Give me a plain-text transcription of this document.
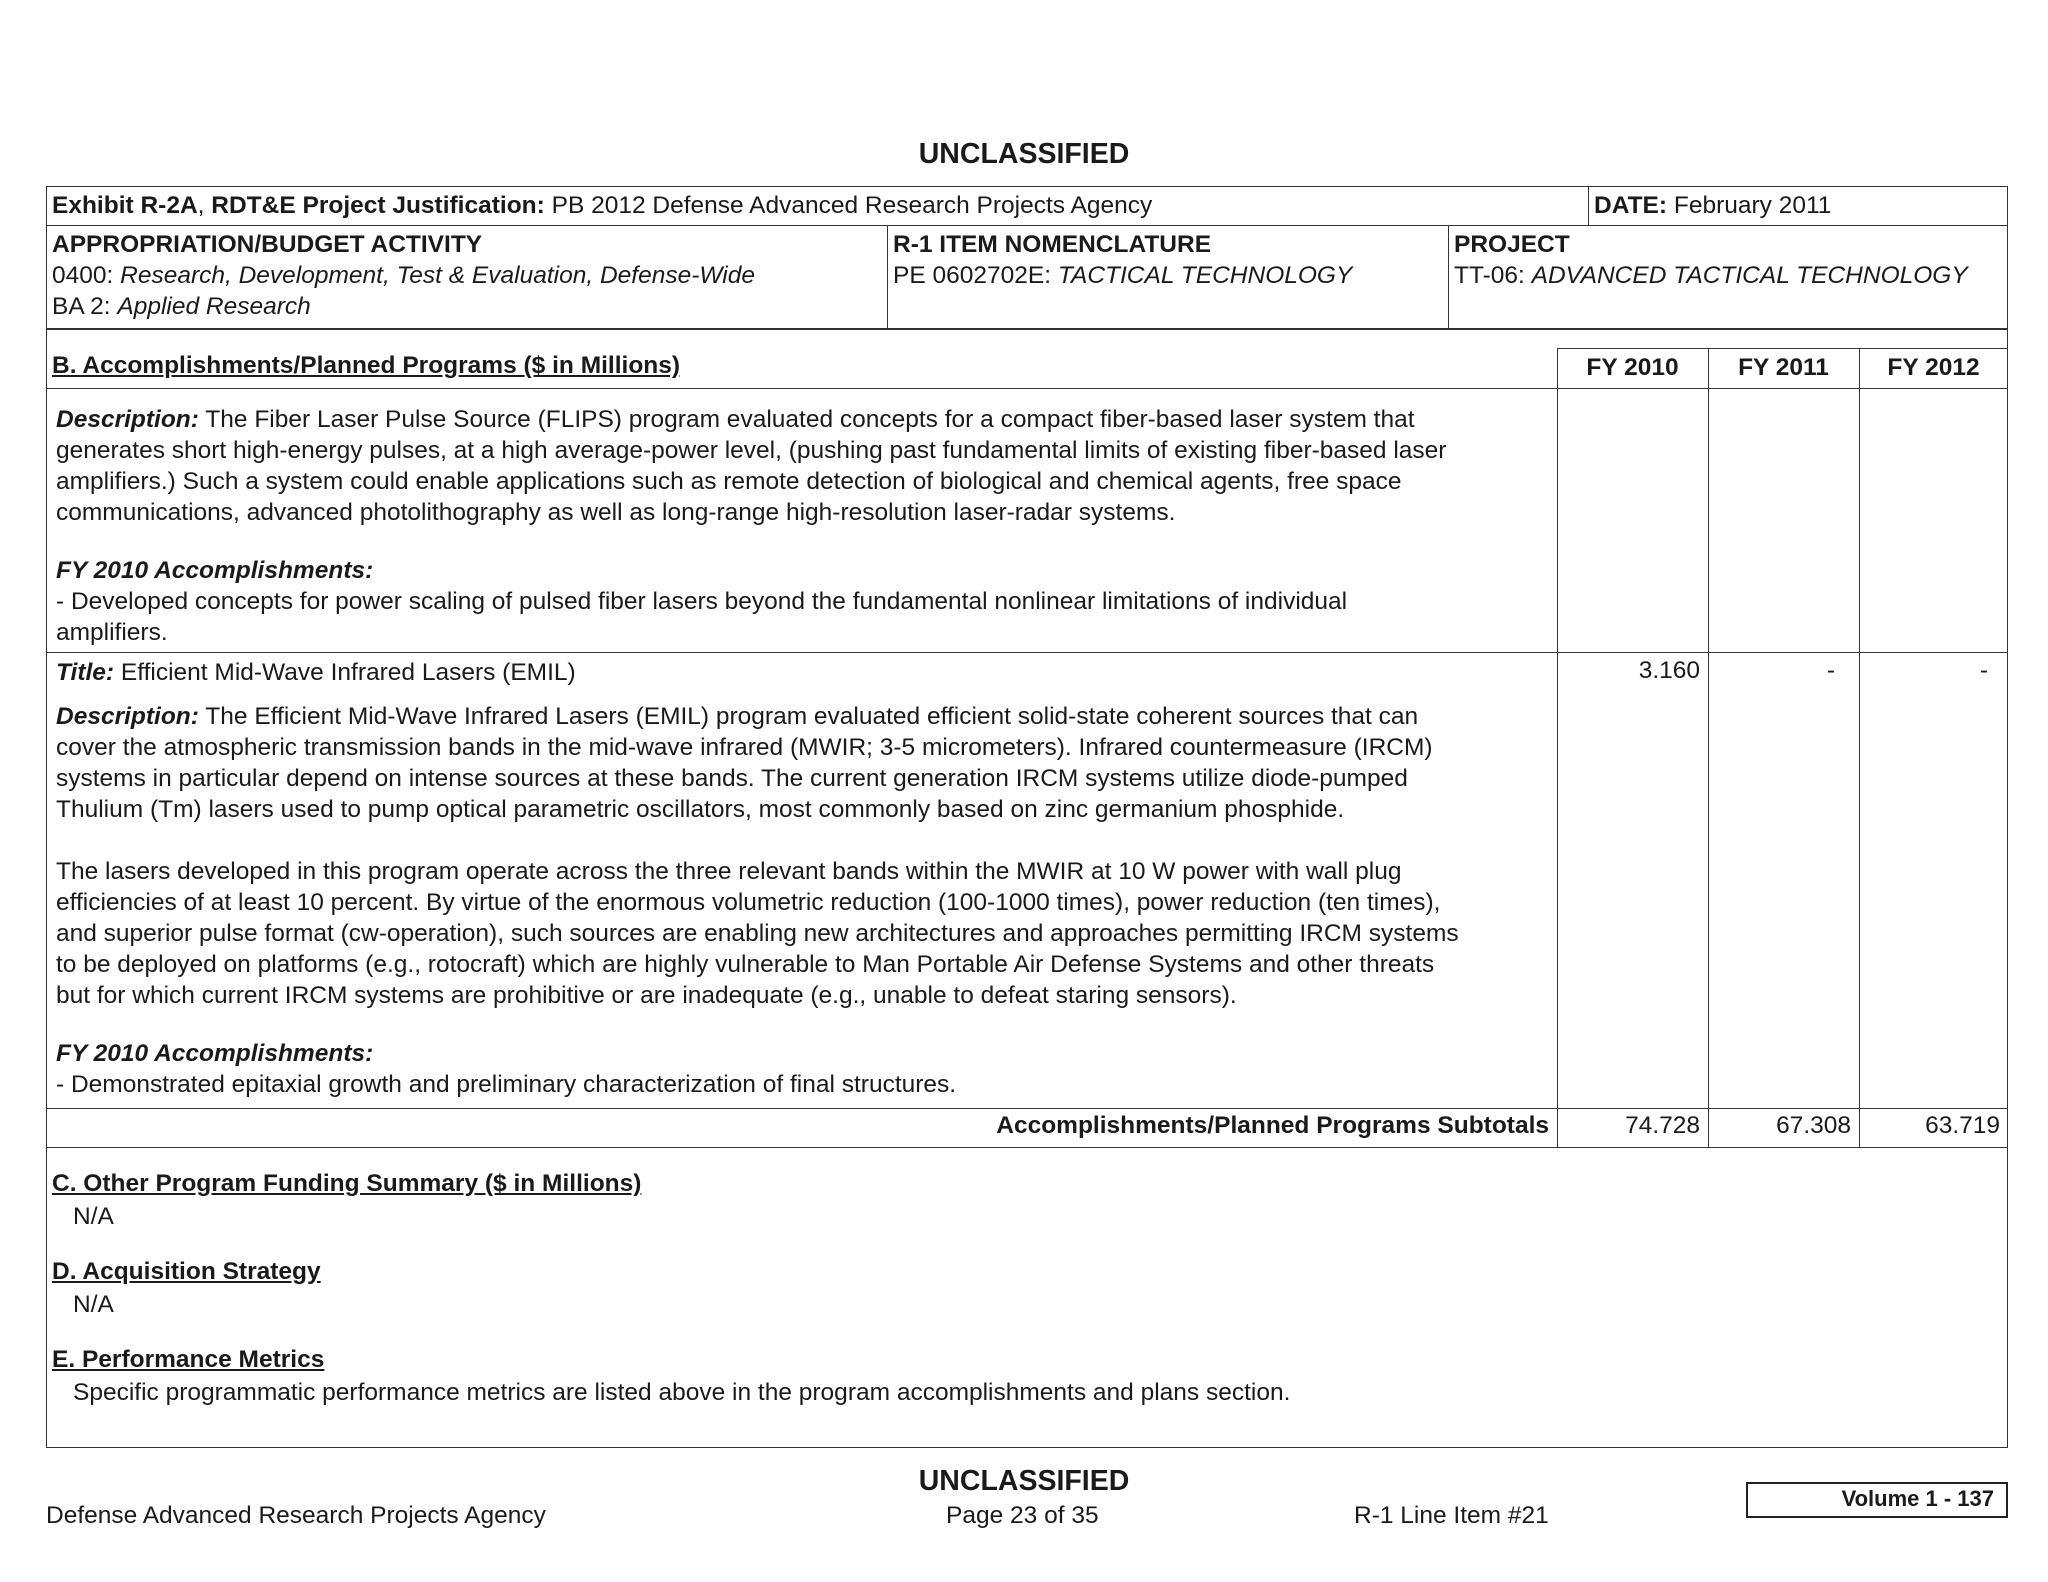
UNCLASSIFIED
Exhibit R-2A, RDT&E Project Justification: PB 2012 Defense Advanced Research Projects Agency	DATE: February 2011
APPROPRIATION/BUDGET ACTIVITY
0400: Research, Development, Test & Evaluation, Defense-Wide
BA 2: Applied Research
R-1 ITEM NOMENCLATURE
PE 0602702E: TACTICAL TECHNOLOGY
PROJECT
TT-06: ADVANCED TACTICAL TECHNOLOGY
B. Accomplishments/Planned Programs ($ in Millions)	FY 2010	FY 2011	FY 2012
Description: The Fiber Laser Pulse Source (FLIPS) program evaluated concepts for a compact fiber-based laser system that
generates short high-energy pulses, at a high average-power level, (pushing past fundamental limits of existing fiber-based laser
amplifiers.) Such a system could enable applications such as remote detection of biological and chemical agents, free space
communications, advanced photolithography as well as long-range high-resolution laser-radar systems.
FY 2010 Accomplishments:
- Developed concepts for power scaling of pulsed fiber lasers beyond the fundamental nonlinear limitations of individual
amplifiers.
Title: Efficient Mid-Wave Infrared Lasers (EMIL)	3.160	-	-
Description: The Efficient Mid-Wave Infrared Lasers (EMIL) program evaluated efficient solid-state coherent sources that can
cover the atmospheric transmission bands in the mid-wave infrared (MWIR; 3-5 micrometers). Infrared countermeasure (IRCM)
systems in particular depend on intense sources at these bands. The current generation IRCM systems utilize diode-pumped
Thulium (Tm) lasers used to pump optical parametric oscillators, most commonly based on zinc germanium phosphide.
The lasers developed in this program operate across the three relevant bands within the MWIR at 10 W power with wall plug
efficiencies of at least 10 percent. By virtue of the enormous volumetric reduction (100-1000 times), power reduction (ten times),
and superior pulse format (cw-operation), such sources are enabling new architectures and approaches permitting IRCM systems
to be deployed on platforms (e.g., rotocraft) which are highly vulnerable to Man Portable Air Defense Systems and other threats
but for which current IRCM systems are prohibitive or are inadequate (e.g., unable to defeat staring sensors).
FY 2010 Accomplishments:
- Demonstrated epitaxial growth and preliminary characterization of final structures.
Accomplishments/Planned Programs Subtotals	74.728	67.308	63.719
C. Other Program Funding Summary ($ in Millions)
N/A
D. Acquisition Strategy
N/A
E. Performance Metrics
Specific programmatic performance metrics are listed above in the program accomplishments and plans section.
UNCLASSIFIED
Defense Advanced Research Projects Agency	Page 23 of 35	R-1 Line Item #21
Volume 1 - 137
